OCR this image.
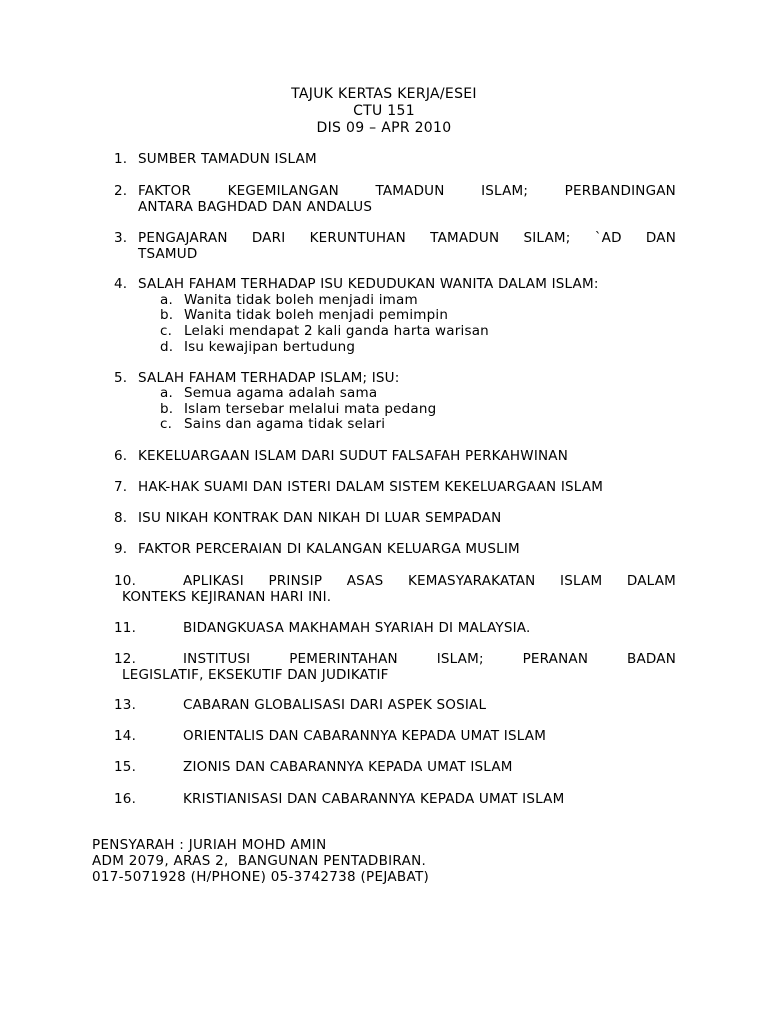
TAJUK KERTAS KERJA/ESEI
CTU 151
DIS 09 – APR 2010
1. SUMBER TAMADUN ISLAM
2. FAKTOR KEGEMILANGAN TAMADUN ISLAM; PERBANDINGAN
ANTARA BAGHDAD DAN ANDALUS
3. PENGAJARAN DARI KERUNTUHAN TAMADUN SILAM; `AD DAN
TSAMUD
4. SALAH FAHAM TERHADAP ISU KEDUDUKAN WANITA DALAM ISLAM:
a. Wanita tidak boleh menjadi imam
b. Wanita tidak boleh menjadi pemimpin
c. Lelaki mendapat 2 kali ganda harta warisan
d. Isu kewajipan bertudung
5. SALAH FAHAM TERHADAP ISLAM; ISU:
a. Semua agama adalah sama
b. Islam tersebar melalui mata pedang
c. Sains dan agama tidak selari
6. KEKELUARGAAN ISLAM DARI SUDUT FALSAFAH PERKAHWINAN
7. HAK-HAK SUAMI DAN ISTERI DALAM SISTEM KEKELUARGAAN ISLAM
8. ISU NIKAH KONTRAK DAN NIKAH DI LUAR SEMPADAN
9. FAKTOR PERCERAIAN DI KALANGAN KELUARGA MUSLIM
10.	APLIKASI PRINSIP ASAS KEMASYARAKATAN ISLAM DALAM
KONTEKS KEJIRANAN HARI INI.
11.	BIDANGKUASA MAKHAMAH SYARIAH DI MALAYSIA.
12.	INSTITUSI PEMERINTAHAN ISLAM; PERANAN BADAN
LEGISLATIF, EKSEKUTIF DAN JUDIKATIF
13.	CABARAN GLOBALISASI DARI ASPEK SOSIAL
14.	ORIENTALIS DAN CABARANNYA KEPADA UMAT ISLAM
15.	ZIONIS DAN CABARANNYA KEPADA UMAT ISLAM
16.	KRISTIANISASI DAN CABARANNYA KEPADA UMAT ISLAM
PENSYARAH : JURIAH MOHD AMIN
ADM 2079, ARAS 2,  BANGUNAN PENTADBIRAN.
017-5071928 (H/PHONE) 05-3742738 (PEJABAT)
